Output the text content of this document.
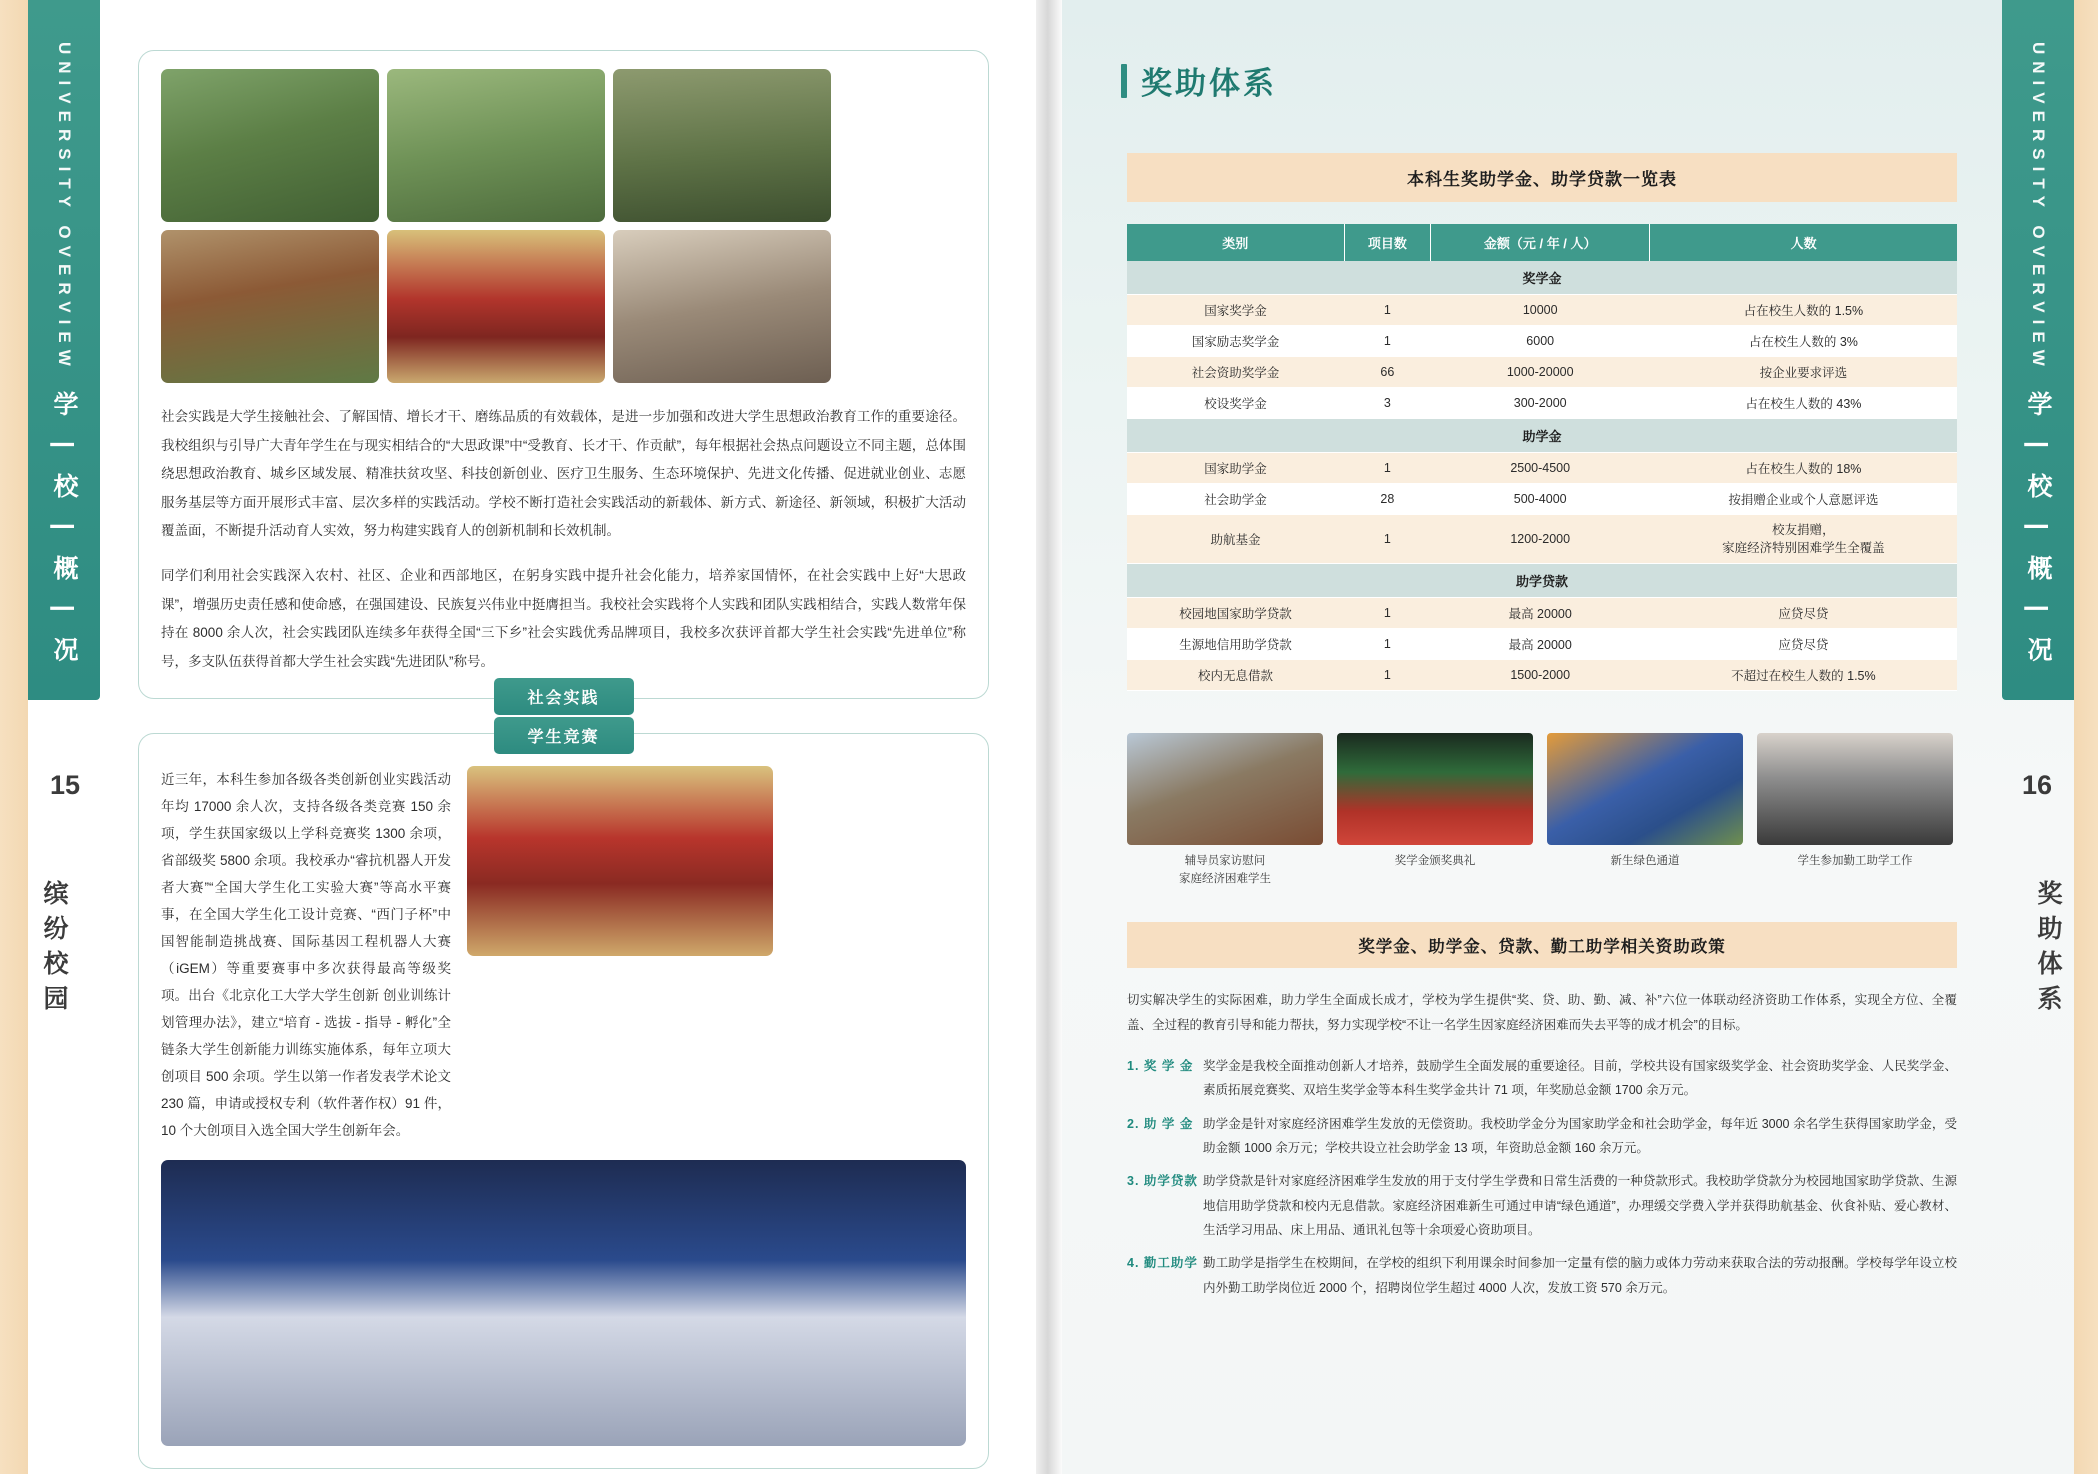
UNIVERSITY OVERVIEW
学 | 校 | 概 | 况
15
缤纷校园

社会实践是大学生接触社会、了解国情、增长才干、磨练品质的有效载体，是进一步加强和改进大学生思想政治教育工作的重要途径。我校组织与引导广大青年学生在与现实相结合的“大思政课”中“受教育、长才干、作贡献”，每年根据社会热点问题设立不同主题，总体围绕思想政治教育、城乡区域发展、精准扶贫攻坚、科技创新创业、医疗卫生服务、生态环境保护、先进文化传播、促进就业创业、志愿服务基层等方面开展形式丰富、层次多样的实践活动。学校不断打造社会实践活动的新载体、新方式、新途径、新领域，积极扩大活动覆盖面，不断提升活动育人实效，努力构建实践育人的创新机制和长效机制。

同学们利用社会实践深入农村、社区、企业和西部地区，在躬身实践中提升社会化能力，培养家国情怀，在社会实践中上好“大思政课”，增强历史责任感和使命感，在强国建设、民族复兴伟业中挺膺担当。我校社会实践将个人实践和团队实践相结合，实践人数常年保持在 8000 余人次，社会实践团队连续多年获得全国“三下乡”社会实践优秀品牌项目，我校多次获评首都大学生社会实践“先进单位”称号，多支队伍获得首都大学生社会实践“先进团队”称号。

社会实践
学生竞赛
近三年，本科生参加各级各类创新创业实践活动年均 17000 余人次，支持各级各类竞赛 150 余项，学生获国家级以上学科竞赛奖 1300 余项，省部级奖 5800 余项。我校承办“睿抗机器人开发者大赛”“全国大学生化工实验大赛”等高水平赛事，在全国大学生化工设计竞赛、“西门子杯”中国智能制造挑战赛、国际基因工程机器人大赛（iGEM）等重要赛事中多次获得最高等级奖项。出台《北京化工大学大学生创新 创业训练计划管理办法》，建立“培育 - 选拔 - 指导 - 孵化”全链条大学生创新能力训练实施体系，每年立项大创项目 500 余项。学生以第一作者发表学术论文 230 篇，申请或授权专利（软件著作权）91 件，10 个大创项目入选全国大学生创新年会。
奖助体系
本科生奖助学金、助学贷款一览表
类别	项目数	金额（元 / 年 / 人）	人数
奖学金			
国家奖学金	1	10000	占在校生人数的 1.5%
国家励志奖学金	1	6000	占在校生人数的 3%
社会资助奖学金	66	1000-20000	按企业要求评选
校设奖学金	3	300-2000	占在校生人数的 43%
助学金			
国家助学金	1	2500-4500	占在校生人数的 18%
社会助学金	28	500-4000	按捐赠企业或个人意愿评选
助航基金	1	1200-2000	校友捐赠，
家庭经济特别困难学生全覆盖
助学贷款			
校园地国家助学贷款	1	最高 20000	应贷尽贷
生源地信用助学贷款	1	最高 20000	应贷尽贷
校内无息借款	1	1500-2000	不超过在校生人数的 1.5%
辅导员家访慰问
家庭经济困难学生
奖学金颁奖典礼	新生绿色通道	学生参加勤工助学工作
奖学金、助学金、贷款、勤工助学相关资助政策
切实解决学生的实际困难，助力学生全面成长成才，学校为学生提供“奖、贷、助、勤、减、补”六位一体联动经济资助工作体系，实现全方位、全覆盖、全过程的教育引导和能力帮扶，努力实现学校“不让一名学生因家庭经济困难而失去平等的成才机会”的目标。
1. 奖 学 金 奖学金是我校全面推动创新人才培养，鼓励学生全面发展的重要途径。目前，学校共设有国家级奖学金、社会资助奖学金、人民奖学金、素质拓展竞赛奖、双培生奖学金等本科生奖学金共计 71 项，年奖励总金额 1700 余万元。
2. 助 学 金 助学金是针对家庭经济困难学生发放的无偿资助。我校助学金分为国家助学金和社会助学金，每年近 3000 余名学生获得国家助学金，受助金额 1000 余万元；学校共设立社会助学金 13 项，年资助总金额 160 余万元。
3. 助学贷款 助学贷款是针对家庭经济困难学生发放的用于支付学生学费和日常生活费的一种贷款形式。我校助学贷款分为校园地国家助学贷款、生源地信用助学贷款和校内无息借款。家庭经济困难新生可通过申请“绿色通道”，办理缓交学费入学并获得助航基金、伙食补贴、爱心教材、生活学习用品、床上用品、通讯礼包等十余项爱心资助项目。
4. 勤工助学 勤工助学是指学生在校期间，在学校的组织下利用课余时间参加一定量有偿的脑力或体力劳动来获取合法的劳动报酬。学校每学年设立校内外勤工助学岗位近 2000 个，招聘岗位学生超过 4000 人次，发放工资 570 余万元。
UNIVERSITY OVERVIEW
学 | 校 | 概 | 况
16
奖助体系
